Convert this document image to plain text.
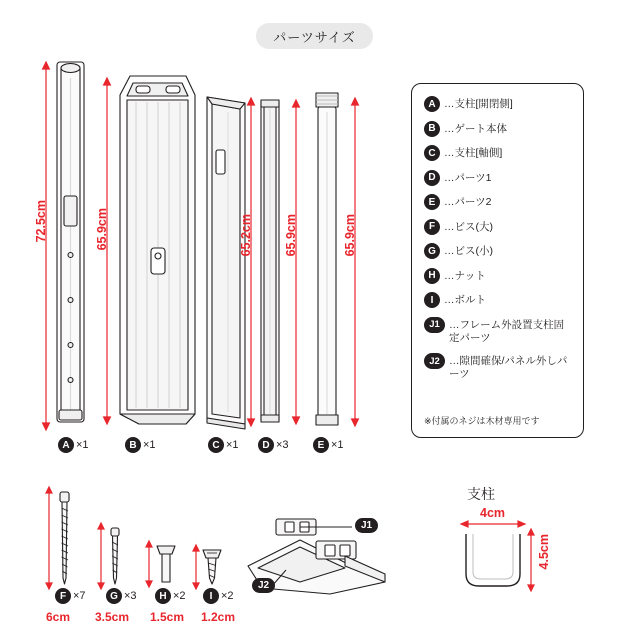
パーツサイズ
A …支柱[開閉側]
B …ゲート本体
C …支柱[軸側]
D …パーツ1
E …パーツ2
F …ビス(大)
G …ビス(小)
H …ナット
I	…ボルト
J1 …フレーム外設置支柱固定パーツ
J2 …隙間確保/パネル外しパーツ
※付属のネジは木材専用です
72.5cm	65.9cm	65.2cm 65.9cm	65.9cm
A ×1	B ×1	C ×1	D ×3	E ×1
F ×7	G ×3	H ×2	I ×2
6cm 3.5cm 1.5cm 1.2cm
J1
J2
支柱
4cm
4.5cm
